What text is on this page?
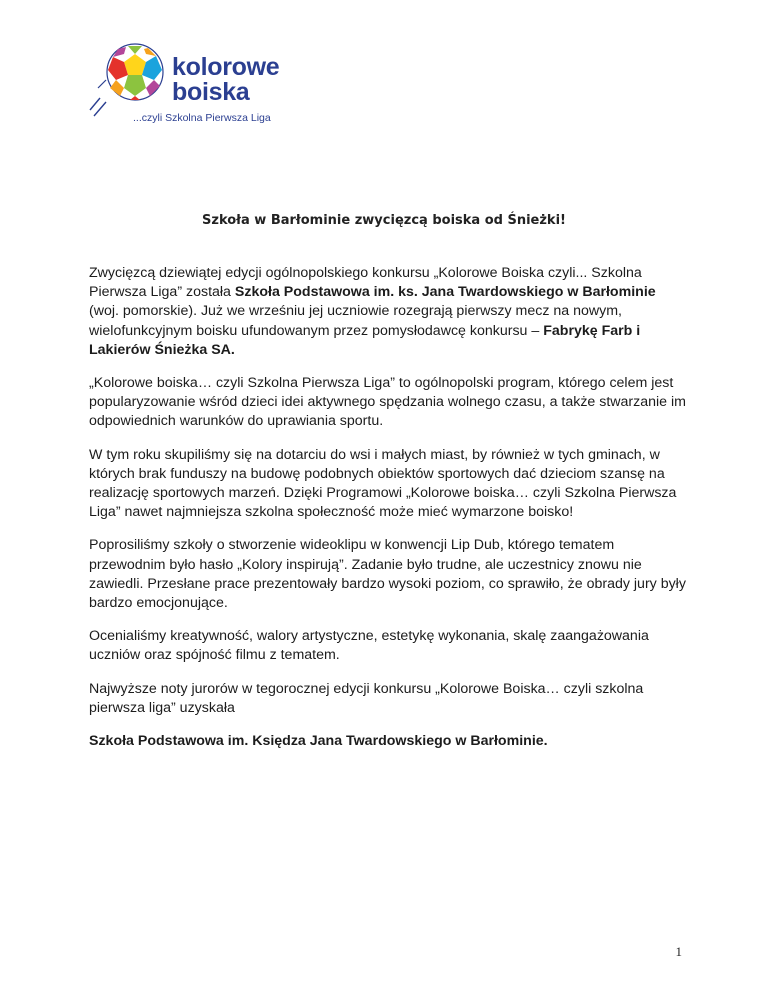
kolorowe
boiska
...czyli Szkolna Pierwsza Liga
Szkoła w Barłominie zwycięzcą boiska od Śnieżki!

Zwycięzcą dziewiątej edycji ogólnopolskiego konkursu „Kolorowe Boiska czyli... Szkolna Pierwsza Liga” została Szkoła Podstawowa im. ks. Jana Twardowskiego w Barłominie (woj. pomorskie). Już we wrześniu jej uczniowie rozegrają pierwszy mecz na nowym, wielofunkcyjnym boisku ufundowanym przez pomysłodawcę konkursu – Fabrykę Farb i Lakierów Śnieżka SA.

„Kolorowe boiska… czyli Szkolna Pierwsza Liga” to ogólnopolski program, którego celem jest popularyzowanie wśród dzieci idei aktywnego spędzania wolnego czasu, a także stwarzanie im odpowiednich warunków do uprawiania sportu.

W tym roku skupiliśmy się na dotarciu do wsi i małych miast, by również w tych gminach, w których brak funduszy na budowę podobnych obiektów sportowych dać dzieciom szansę na realizację sportowych marzeń. Dzięki Programowi „Kolorowe boiska… czyli Szkolna Pierwsza Liga” nawet najmniejsza szkolna społeczność może mieć wymarzone boisko!

Poprosiliśmy szkoły o stworzenie wideoklipu w konwencji Lip Dub, którego tematem przewodnim było hasło „Kolory inspirują”. Zadanie było trudne, ale uczestnicy znowu nie zawiedli. Przesłane prace prezentowały bardzo wysoki poziom, co sprawiło, że obrady jury były bardzo emocjonujące.

Ocenialiśmy kreatywność, walory artystyczne, estetykę wykonania, skalę zaangażowania uczniów oraz spójność filmu z tematem.

Najwyższe noty jurorów w tegorocznej edycji konkursu „Kolorowe Boiska… czyli szkolna pierwsza liga” uzyskała

Szkoła Podstawowa im. Księdza Jana Twardowskiego w Barłominie.

1
